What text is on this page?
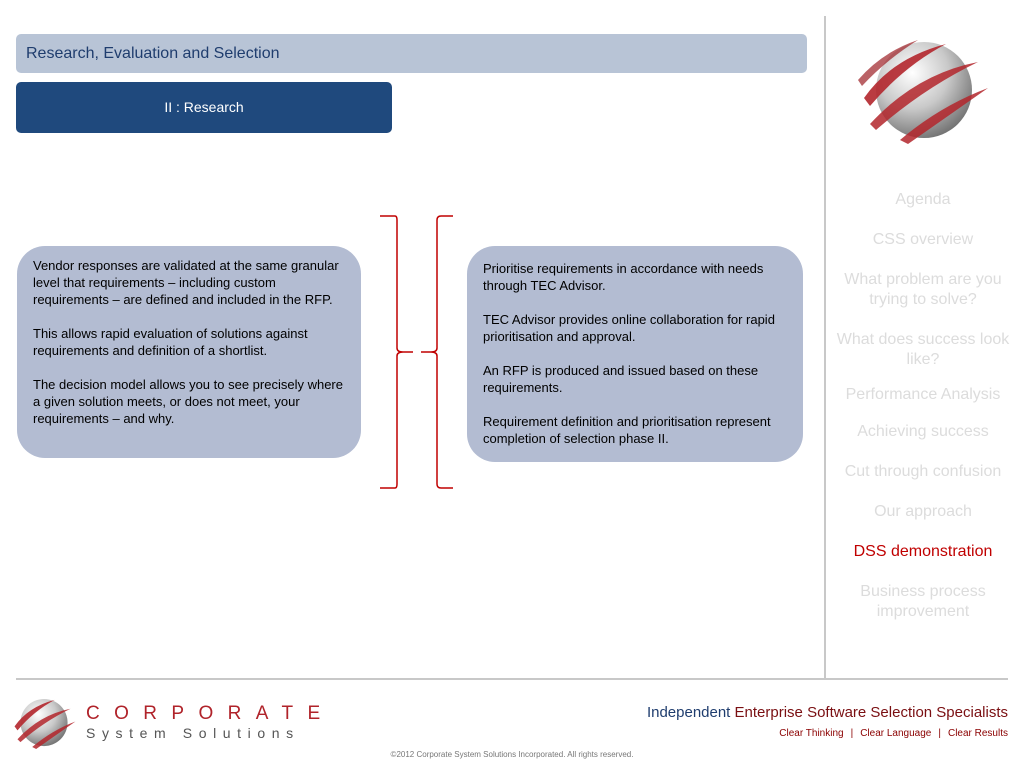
Research, Evaluation and Selection
II : Research

Vendor responses are validated at the same granular level that requirements – including custom requirements – are defined and included in the RFP.

This allows rapid evaluation of solutions against requirements and definition of a shortlist.

The decision model allows you to see precisely where a given solution meets, or does not meet, your requirements – and why.

Prioritise requirements in accordance with needs through TEC Advisor.

TEC Advisor provides online collaboration for rapid prioritisation and approval.

An RFP is produced and issued based on these requirements.

Requirement definition and prioritisation represent completion of selection phase II.

Agenda
CSS overview
What problem are you trying to solve?
What does success look like?
Performance Analysis
Achieving success
Cut through confusion
Our approach
DSS demonstration
Business process improvement
CORPORATE
System Solutions
Independent Enterprise Software Selection Specialists
Clear Thinking | Clear Language | Clear Results
©2012 Corporate System Solutions Incorporated. All rights reserved.
